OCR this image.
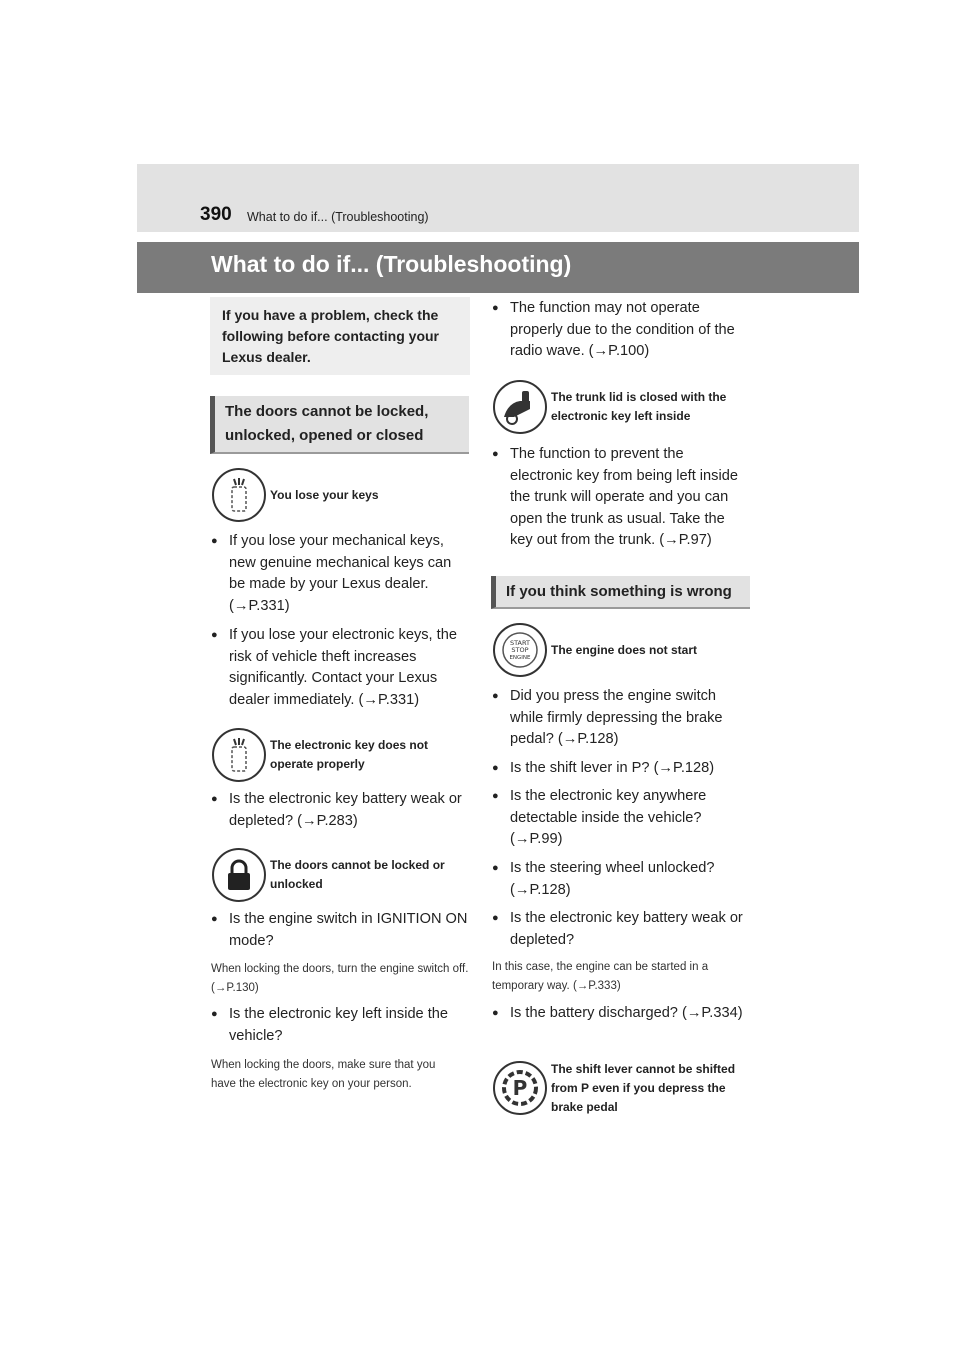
390 What to do if... (Troubleshooting)
What to do if... (Troubleshooting)
If you have a problem, check the following before contacting your Lexus dealer.
The doors cannot be locked, unlocked, opened or closed
You lose your keys
● If you lose your mechanical keys, new genuine mechanical keys can be made by your Lexus dealer. (→P.331)
● If you lose your electronic keys, the risk of vehicle theft increases significantly. Contact your Lexus dealer immediately. (→P.331)
The electronic key does not operate properly
● Is the electronic key battery weak or depleted? (→P.283)
The doors cannot be locked or unlocked
● Is the engine switch in IGNITION ON mode?
When locking the doors, turn the engine switch off. (→P.130)
● Is the electronic key left inside the vehicle?
When locking the doors, make sure that you have the electronic key on your person.
● The function may not operate properly due to the condition of the radio wave. (→P.100)
The trunk lid is closed with the electronic key left inside
● The function to prevent the electronic key from being left inside the trunk will operate and you can open the trunk as usual. Take the key out from the trunk. (→P.97)
If you think something is wrong
START
STOP
ENGINE
The engine does not start
● Did you press the engine switch while firmly depressing the brake pedal? (→P.128)
● Is the shift lever in P? (→P.128)
● Is the electronic key anywhere detectable inside the vehicle? (→P.99)
● Is the steering wheel unlocked? (→P.128)
● Is the electronic key battery weak or depleted?
In this case, the engine can be started in a temporary way. (→P.333)
● Is the battery discharged? (→P.334)
P
The shift lever cannot be shifted from P even if you depress the brake pedal
